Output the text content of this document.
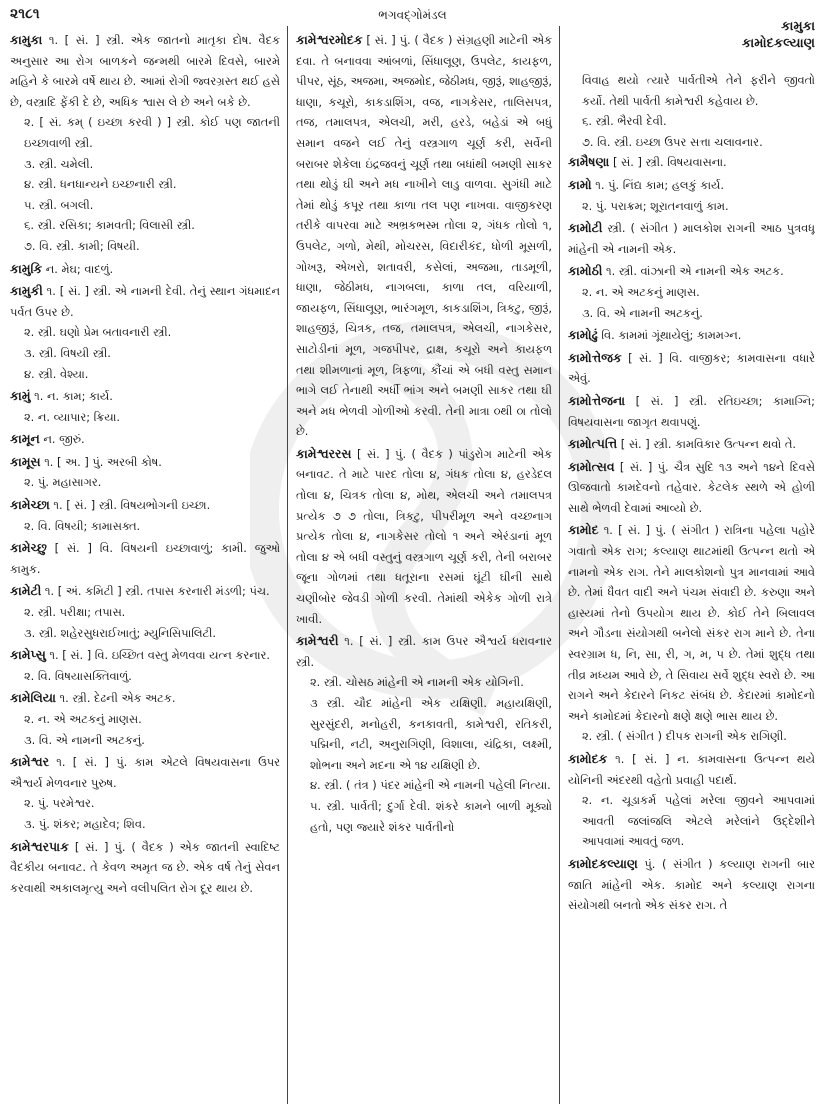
૨૧૮૧	ભગવદ્ગોમંડલ
કામુકા
કામોદકલ્યાણ

કામુકા ૧. [ સં. ] સ્ત્રી. એક જાતનો માતૃકા દોષ. વૈદક અનુસાર આ રોગ બાળકને જન્મથી બારમે દિવસે, બારમે મહિને કે બારમે વર્ષે થાય છે. આમાં રોગી જ્વરગ્રસ્ત થઈ હસે છે, વસ્ત્રાદિ ફેંકી દે છે, અધિક શ્વાસ લે છે અને બકે છે.

૨. [ સં. કમ્ ( ઇચ્છા કરવી ) ] સ્ત્રી. કોઈ પણ જાતની ઇચ્છાવાળી સ્ત્રી.

૩. સ્ત્રી. ચમેલી.

૪. સ્ત્રી. ધનધાન્યને ઇચ્છનારી સ્ત્રી.

૫. સ્ત્રી. બગલી.

૬. સ્ત્રી. રસિકા; કામવતી; વિલાસી સ્ત્રી.

૭. વિ. સ્ત્રી. કામી; વિષયી.

કામુકિ ન. મેઘ; વાદળું.

કામુકી ૧. [ સં. ] સ્ત્રી. એ નામની દેવી. તેનું સ્થાન ગંધમાદન પર્વત ઉપર છે.

૨. સ્ત્રી. ઘણો પ્રેમ બતાવનારી સ્ત્રી.

૩. સ્ત્રી. વિષયી સ્ત્રી.

૪. સ્ત્રી. વેશ્યા.

કામું ૧. ન. કામ; કાર્ય.

૨. ન. વ્યાપાર; ક્રિયા.

કામૂન ન. જીરું.

કામૂસ ૧. [ અ. ] પું. અરબી કોષ.

૨. પું. મહાસાગર.

કામેચ્છા ૧. [ સં. ] સ્ત્રી. વિષયભોગની ઇચ્છા.

૨. વિ. વિષયી; કામાસક્ત.

કામેચ્છુ [ સં. ] વિ. વિષયની ઇચ્છાવાળું; કામી. જુઓ કામુક.

કામેટી ૧. [ અં. કમિટી ] સ્ત્રી. તપાસ કરનારી મંડળી; પંચ.

૨. સ્ત્રી. પરીક્ષા; તપાસ.

૩. સ્ત્રી. શહેરસુધરાઈખાતું; મ્યુનિસિપાલિટી.

કામેપ્સુ ૧. [ સં. ] વિ. ઇચ્છિત વસ્તુ મેળવવા યત્ન કરનાર.

૨. વિ. વિષયાસક્તિવાળું.

કામેલિયા ૧. સ્ત્રી. દેઢની એક અટક.

૨. ન. એ અટકનું માણસ.

૩. વિ. એ નામની અટકનું.

કામેશ્વર ૧. [ સં. ] પું. કામ એટલે વિષયવાસના ઉપર ઐશ્વર્ય મેળવનાર પુરુષ.

૨. પું. પરમેશ્વર.

૩. પું. શંકર; મહાદેવ; શિવ.

કામેશ્વરપાક [ સં. ] પું. ( વૈદક ) એક જાતની સ્વાદિષ્ટ વૈદકીય બનાવટ. તે કેવળ અમૃત જ છે. એક વર્ષ તેનું સેવન કરવાથી અકાલમૃત્યુ અને વલીપલિત રોગ દૂર થાય છે.

કામેશ્વરમોદક [ સં. ] પું. ( વૈદક ) સંગ્રહણી માટેની એક દવા. તે બનાવવા આંબળાં, સિંધાલૂણ, ઉપલેટ, કાયફળ, પીપર, સૂંઠ, અજમા, અજમોદ, જેઠીમધ, જીરૂં, શાહજીરૂં, ધાણા, કચૂરો, કાકડાશિંગ, વજ, નાગકેસર, તાલિસપત્ર, તજ, તમાલપત્ર, એલચી, મરી, હરડે, બહેડાં એ બધું સમાન વજને લઈ તેનું વસ્ત્રગાળ ચૂર્ણ કરી, સર્વેની બરાબર શેકેલા ઇંદ્રજવનું ચૂર્ણ તથા બધાંથી બમણી સાકર તથા થોડું ઘી અને મધ નાખીને લાડુ વાળવા. સુગંધી માટે તેમાં થોડું કપૂર તથા કાળા તલ પણ નાખવા. વાજીકરણ તરીકે વાપરવા માટે અભ્રકભસ્મ તોલા ૨, ગંધક તોલો ૧, ઉપલેટ, ગળો, મેથી, મોચરસ, વિદારીકંદ, ધોળી મૂસળી, ગોખરૂ, એખરો, શતાવરી, કસેલાં, અજમા, તાડમૂળી, ધાણા, જેઠીમધ, નાગબલા, કાળા તલ, વરિયાળી, જાયફળ, સિંધાલૂણ, ભારંગમૂળ, કાકડાશિંગ, ત્રિકટુ, જીરૂં, શાહજીરૂં, ચિત્રક, તજ, તમાલપત્ર, એલચી, નાગકેસર, સાટોડીનાં મૂળ, ગજપીપર, દ્રાક્ષ, કચૂરો અને કાયફળ તથા શીમળાનાં મૂળ, ત્રિફળા, કૌંચાં એ બધી વસ્તુ સમાન ભાગે લઈ તેનાથી અર્ધી ભાંગ અને બમણી સાકર તથા ઘી અને મધ ભેળવી ગોળીઓ કરવી. તેની માત્રા ૦થી ૦ા તોલો છે.

કામેશ્વરરસ [ સં. ] પું. ( વૈદક ) પાંડુરોગ માટેની એક બનાવટ. તે માટે પારદ તોલા ૪, ગંધક તોલા ૪, હરડેદલ તોલા ૪, ચિત્રક તોલા ૪, મોથ, એલચી અને તમાલપત્ર પ્રત્યેક ૭ ૭ તોલા, ત્રિકટુ, પીપરીમૂળ અને વચ્છનાગ પ્રત્યેક તોલા ૪, નાગકેસર તોલો ૧ અને એરંડાનાં મૂળ તોલા ૪ એ બધી વસ્તુનું વસ્ત્રગાળ ચૂર્ણ કરી, તેની બરાબર જૂના ગોળમાં તથા ધતૂરાના રસમાં ઘૂંટી ઘીની સાથે ચણીબોર જેવડી ગોળી કરવી. તેમાંથી એકેક ગોળી રાત્રે ખાવી.

કામેશ્વરી ૧. [ સં. ] સ્ત્રી. કામ ઉપર ઐશ્વર્ય ધરાવનાર સ્ત્રી.

૨. સ્ત્રી. ચોસઠ માંહેની એ નામની એક યોગિની.

૩ સ્ત્રી. ચૌદ માંહેની એક યક્ષિણી. મહાયક્ષિણી, સુરસુંદરી, મનોહરી, કનકાવતી, કામેશ્વરી, રતિકરી, પદ્મિની, નટી, અનુરાગિણી, વિશાલા, ચંદ્રિકા, લક્ષ્મી, શોભના અને મદના એ ૧૪ યક્ષિણી છે.

૪. સ્ત્રી. ( તંત્ર ) પંદર માંહેની એ નામની પહેલી નિત્યા.

૫. સ્ત્રી. પાર્વતી; દુર્ગા દેવી. શંકરે કામને બાળી મૂક્યો હતો, પણ જ્યારે શંકર પાર્વતીનો

વિવાહ થયો ત્યારે પાર્વતીએ તેને ફરીને જીવતો કર્યો. તેથી પાર્વતી કામેશ્વરી કહેવાય છે.

૬. સ્ત્રી. ભૈરવી દેવી.

૭. વિ. સ્ત્રી. ઇચ્છા ઉપર સત્તા ચલાવનાર.

કામૈષણા [ સં. ] સ્ત્રી. વિષયવાસના.

કામો ૧. પું. નિંદ્ય કામ; હલકું કાર્ય.

૨. પું. પરાક્રમ; શૂરાતનવાળું કામ.

કામોટી સ્ત્રી. ( સંગીત ) માલકોશ રાગની આઠ પુત્રવધૂ માંહેની એ નામની એક.

કામોઠી ૧. સ્ત્રી. વાંઝાની એ નામની એક અટક.

૨. ન. એ અટકનું માણસ.

૩. વિ. એ નામની અટકનું.

કામોઢું વિ. કામમાં ગૂંથાયેલું; કામમગ્ન.

કામોત્તેજક [ સં. ] વિ. વાજીકર; કામવાસના વધારે એવું.

કામોત્તેજના [ સં. ] સ્ત્રી. રતિઇચ્છા; કામાગ્નિ; વિષયવાસના જાગૃત થવાપણું.

કામોત્પત્તિ [ સં. ] સ્ત્રી. કામવિકાર ઉત્પન્ન થવો તે.

કામોત્સવ [ સં. ] પું. ચૈત્ર સુદિ ૧૩ અને ૧૪ને દિવસે ઊજવાતો કામદેવનો તહેવાર. કેટલેક સ્થળે એ હોળી સાથે ભેળવી દેવામાં આવ્યો છે.

કામોદ ૧. [ સં. ] પું. ( સંગીત ) રાત્રિના પહેલા પહોરે ગવાતો એક રાગ; કલ્યાણ થાટમાંથી ઉત્પન્ન થતો એ નામનો એક રાગ. તેને માલકોશનો પુત્ર માનવામાં આવે છે. તેમાં ધૈવત વાદી અને પંચમ સંવાદી છે. કરુણા અને હાસ્યમાં તેનો ઉપયોગ થાય છે. કોઈ તેને બિલાવલ અને ગૌડના સંયોગથી બનેલો સંકર રાગ માને છે. તેના સ્વરગ્રામ ધ, નિ, સા, રી, ગ, મ, પ છે. તેમાં શુદ્ધ તથા તીવ્ર મધ્યમ આવે છે, તે સિવાય સર્વે શુદ્ધ સ્વરો છે. આ રાગને અને કેદારને નિકટ સંબંધ છે. કેદારમાં કામોદનો અને કામોદમાં કેદારનો ક્ષણે ક્ષણે ભાસ થાય છે.

૨. સ્ત્રી. ( સંગીત ) દીપક રાગની એક રાગિણી.

કામોદક ૧. [ સં. ] ન. કામવાસના ઉત્પન્ન થયે યોનિની અંદરથી વહેતો પ્રવાહી પદાર્થ.

૨. ન. ચૂડાકર્મ પહેલાં મરેલા જીવને આપવામાં આવતી જલાંજલિ એટલે મરેલાંને ઉદ્દેશીને આપવામાં આવતું જળ.

કામોદકલ્યાણ પું. ( સંગીત ) કલ્યાણ રાગની બાર જાતિ માંહેની એક. કામોદ અને કલ્યાણ રાગના સંયોગથી બનતો એક સંકર રાગ. તે
